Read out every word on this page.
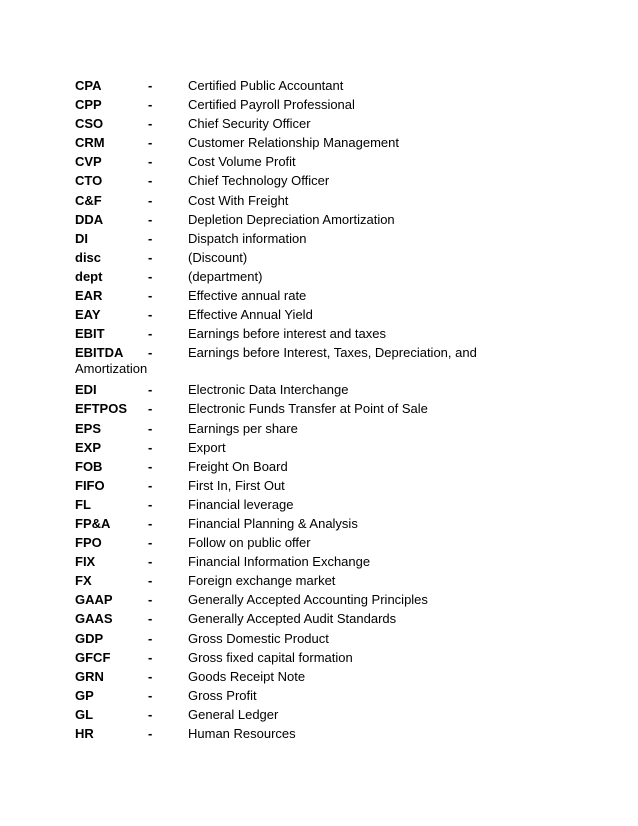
CPA	-	Certified Public Accountant
CPP	-	Certified Payroll Professional
CSO	-	Chief Security Officer
CRM	-	Customer Relationship Management
CVP	-	Cost Volume Profit
CTO	-	Chief Technology Officer
C&F	-	Cost With Freight
DDA	-	Depletion Depreciation Amortization
DI	-	Dispatch information
disc	-	(Discount)
dept	-	(department)
EAR	-	Effective annual rate
EAY	-	Effective Annual Yield
EBIT	-	Earnings before interest and taxes
EBITDA -	Earnings before Interest, Taxes, Depreciation, and
Amortization
EDI	-	Electronic Data Interchange
EFTPOS -	Electronic Funds Transfer at Point of Sale
EPS	-	Earnings per share
EXP	-	Export
FOB	-	Freight On Board
FIFO	-	First In, First Out
FL	-	Financial leverage
FP&A	-	Financial Planning & Analysis
FPO	-	Follow on public offer
FIX	-	Financial Information Exchange
FX	-	Foreign exchange market
GAAP	-	Generally Accepted Accounting Principles
GAAS	-	Generally Accepted Audit Standards
GDP	-	Gross Domestic Product
GFCF	-	Gross fixed capital formation
GRN	-	Goods Receipt Note
GP	-	Gross Profit
GL	-	General Ledger
HR	-	Human Resources
